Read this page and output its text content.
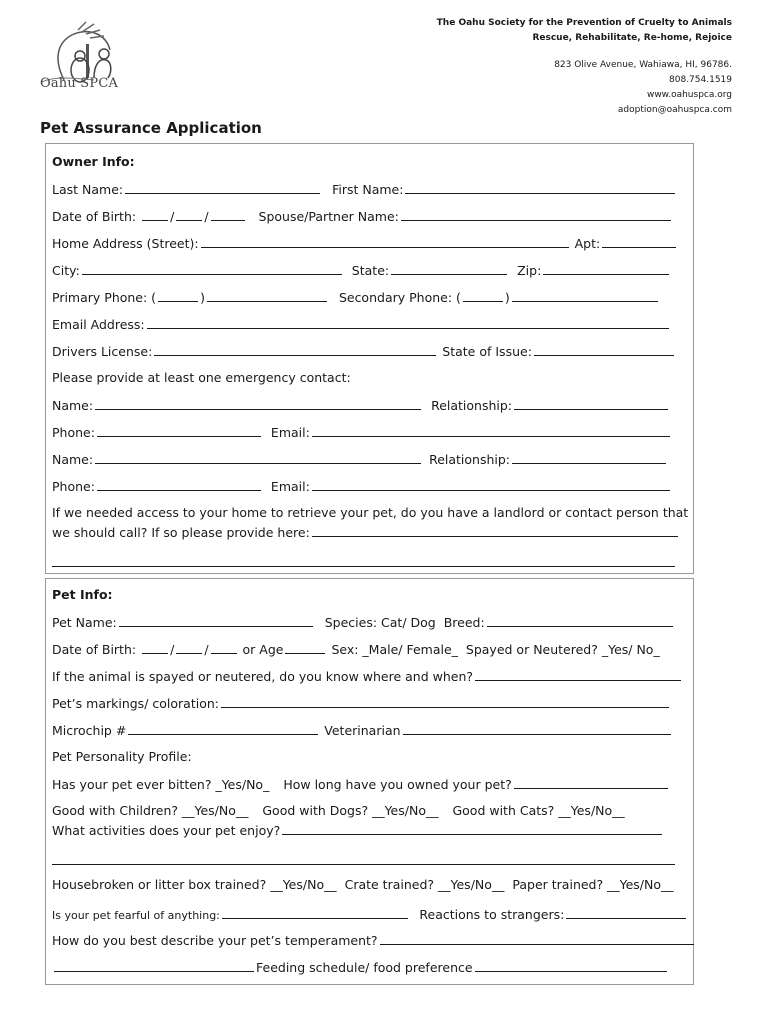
Oahu SPCA
The Oahu Society for the Prevention of Cruelty to Animals
Rescue, Rehabilitate, Re-home, Rejoice
823 Olive Avenue, Wahiawa, HI, 96786.
808.754.1519
www.oahuspca.org
adoption@oahuspca.com
Pet Assurance Application
Owner Info:
Last Name:	First Name:
Date of Birth:	/ /	Spouse/Partner Name:
Home Address (Street):	Apt:
City:	State:	Zip:
Primary Phone: (	)	Secondary Phone: (	)
Email Address:
Drivers License:	State of Issue:
Please provide at least one emergency contact:
Name:	Relationship:
Phone:	Email:
Name:	Relationship:
Phone:	Email:
If we needed access to your home to retrieve your pet, do you have a landlord or contact person that
we should call? If so please provide here:
Pet Info:
Pet Name:	Species: Cat/ Dog Breed:
Date of Birth:	/ /	or Age	Sex: _Male/ Female_ Spayed or Neutered? _Yes/ No_
If the animal is spayed or neutered, do you know where and when?
Pet’s markings/ coloration:
Microchip #	Veterinarian
Pet Personality Profile:
Has your pet ever bitten? _Yes/No_ How long have you owned your pet?
Good with Children? __Yes/No__ Good with Dogs? __Yes/No__ Good with Cats? __Yes/No__
What activities does your pet enjoy?
Housebroken or litter box trained? __Yes/No__ Crate trained? __Yes/No__ Paper trained? __Yes/No__
Is your pet fearful of anything:	Reactions to strangers:
How do you best describe your pet’s temperament?
Feeding schedule/ food preference
